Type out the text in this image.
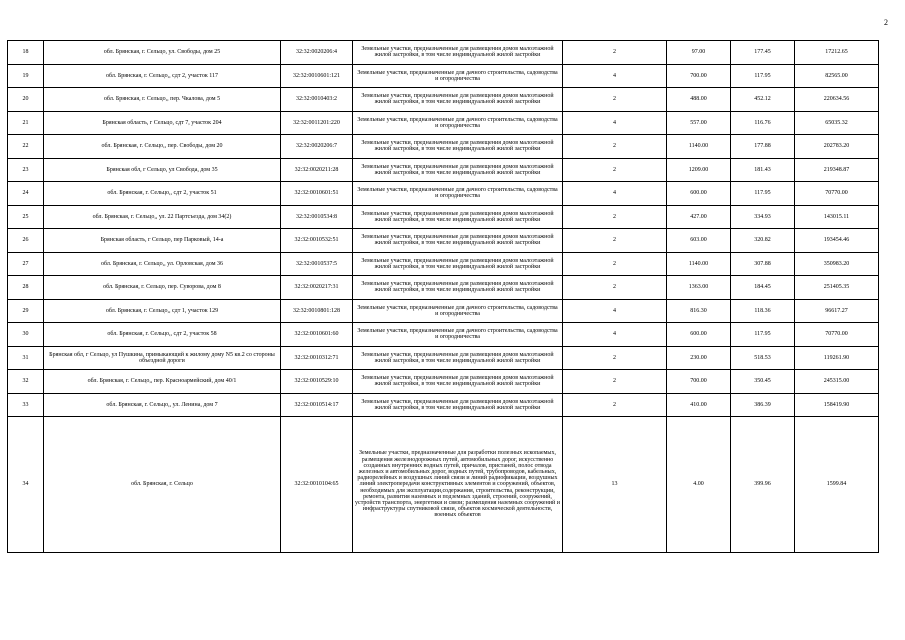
2
18	обл. Брянская, г. Сельцо, ул. Свободы, дом 25	32:32:0020206:4	Земельные участки, предназначенные для размещения домов малоэтажной жилой застройки, в том числе индивидуальной жилой застройки	2	97.00	177.45	17212.65
19	обл. Брянская, г. Сельцо,, сдт 2, участок 117	32:32:0010601:121	Земельные участки, предназначенные для дачного строительства, садоводства и огородничества	4	700.00	117.95	82565.00
20	обл. Брянская, г. Сельцо,, пер. Чкалова, дом 5	32:32:0010403:2	Земельные участки, предназначенные для размещения домов малоэтажной жилой застройки, в том числе индивидуальной жилой застройки	2	488.00	452.12	220634.56
21	Брянская область, г Сельцо, сдт 7, участок 204	32:32:0011201:220	Земельные участки, предназначенные для дачного строительства, садоводства и огородничества	4	557.00	116.76	65035.32
22	обл. Брянская, г. Сельцо,, пер. Свободы, дом 20	32:32:0020206:7	Земельные участки, предназначенные для размещения домов малоэтажной жилой застройки, в том числе индивидуальной жилой застройки	2	1140.00	177.88	202783.20
23	Брянская обл, г Сельцо, ул Свобода, дом 35	32:32:0020211:28	Земельные участки, предназначенные для размещения домов малоэтажной жилой застройки, в том числе индивидуальной жилой застройки	2	1209.00	181.43	219348.87
24	обл. Брянская, г. Сельцо,, сдт 2, участок 51	32:32:0010601:51	Земельные участки, предназначенные для дачного строительства, садоводства и огородничества	4	600.00	117.95	70770.00
25	обл. Брянская, г. Сельцо,, ул. 22 Партсъезда, дом 34(2)	32:32:0010534:8	Земельные участки, предназначенные для размещения домов малоэтажной жилой застройки, в том числе индивидуальной жилой застройки	2	427.00	334.93	143015.11
26	Брянская область, г Сельцо, пер Парковый, 14-а	32:32:0010532:51	Земельные участки, предназначенные для размещения домов малоэтажной жилой застройки, в том числе индивидуальной жилой застройки	2	603.00	320.82	193454.46
27	обл. Брянская, г. Сельцо,, ул. Орловская, дом 36	32:32:0010537:5	Земельные участки, предназначенные для размещения домов малоэтажной жилой застройки, в том числе индивидуальной жилой застройки	2	1140.00	307.88	350983.20
28	обл. Брянская, г. Сельцо, пер. Суворова, дом 8	32:32:0020217:31	Земельные участки, предназначенные для размещения домов малоэтажной жилой застройки, в том числе индивидуальной жилой застройки	2	1363.00	184.45	251405.35
29	обл. Брянская, г. Сельцо,, сдт 1, участок 129	32:32:0010801:128	Земельные участки, предназначенные для дачного строительства, садоводства и огородничества	4	816.30	118.36	96617.27
30	обл. Брянская, г. Сельцо,, сдт 2, участок 58	32:32:0010601:60	Земельные участки, предназначенные для дачного строительства, садоводства и огородничества	4	600.00	117.95	70770.00
31	Брянская обл, г Сельцо, ул Пушкина, примыкающий к жилому дому N5 кв.2 со стороны объездной дороги	32:32:0010312:71	Земельные участки, предназначенные для размещения домов малоэтажной жилой застройки, в том числе индивидуальной жилой застройки	2	230.00	518.53	119261.90
32	обл. Брянская, г. Сельцо,, пер. Красноармейский, дом 40/1	32:32:0010529:10	Земельные участки, предназначенные для размещения домов малоэтажной жилой застройки, в том числе индивидуальной жилой застройки	2	700.00	350.45	245315.00
33	обл. Брянская, г. Сельцо,, ул. Ленина, дом 7	32:32:0010514:17	Земельные участки, предназначенные для размещения домов малоэтажной жилой застройки, в том числе индивидуальной жилой застройки	2	410.00	386.39	158419.90
34	обл. Брянская, г. Сельцо	32:32:0010104:65	Земельные участки, предназначенные для разработки полезных ископаемых, размещения железнодорожных путей, автомобильных дорог, искусственно созданных внутренних водных путей, причалов, пристаней, полос отвода железных и автомобильных дорог, водных путей, трубопроводов, кабельных, радиорелейных и воздушных линий связи и линий радиофикации, воздушных линий электропередачи конструктивных элементов и сооружений, объектов, необходимых для эксплуатации,содержания, строительства, реконструкции, ремонта, развития наземных и подземных зданий, строений, сооружений, устройств транспорта, энергетики и связи; размещения наземных сооружений и инфраструктуры спутниковой связи, объектов космической деятельности, военных объектов	13	4.00	399.96	1599.84
